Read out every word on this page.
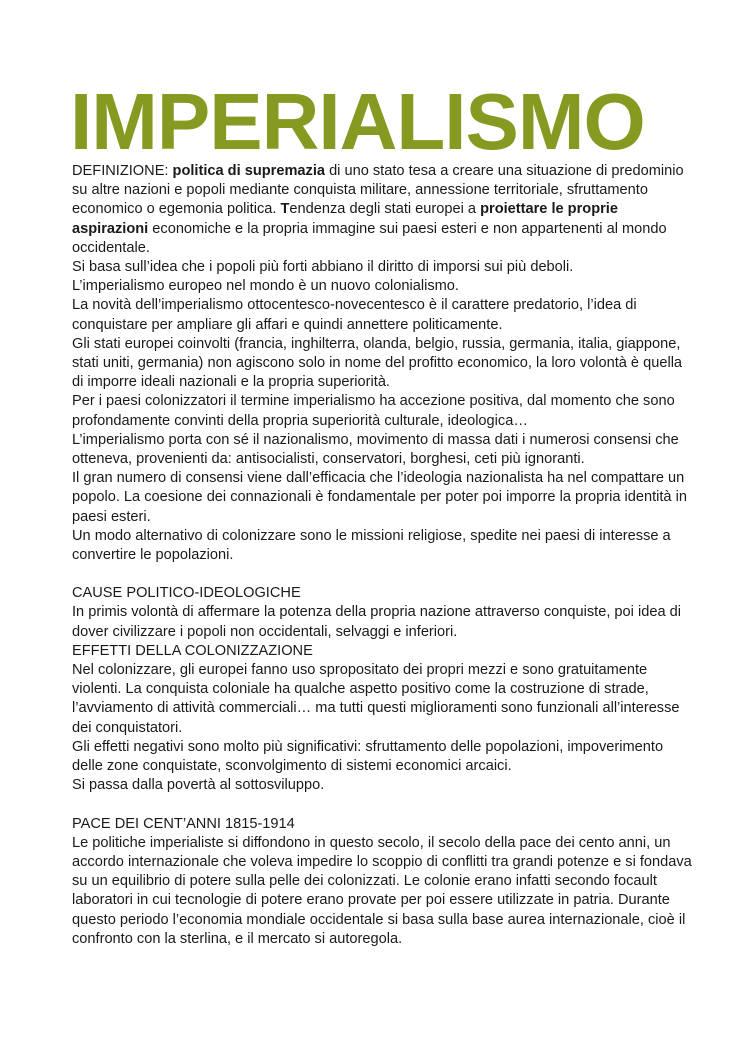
IMPERIALISMO

DEFINIZIONE: politica di supremazia di uno stato tesa a creare una situazione di predominio su altre nazioni e popoli mediante conquista militare, annessione territoriale, sfruttamento economico o egemonia politica. Tendenza degli stati europei a proiettare le proprie aspirazioni economiche e la propria immagine sui paesi esteri e non appartenenti al mondo occidentale.

Si basa sull’idea che i popoli più forti abbiano il diritto di imporsi sui più deboli.

L’imperialismo europeo nel mondo è un nuovo colonialismo.

La novità dell’imperialismo ottocentesco-novecentesco è il carattere predatorio, l’idea di conquistare per ampliare gli affari e quindi annettere politicamente.

Gli stati europei coinvolti (francia, inghilterra, olanda, belgio, russia, germania, italia, giappone, stati uniti, germania) non agiscono solo in nome del profitto economico, la loro volontà è quella di imporre ideali nazionali e la propria superiorità.

Per i paesi colonizzatori il termine imperialismo ha accezione positiva, dal momento che sono profondamente convinti della propria superiorità culturale, ideologica…

L’imperialismo porta con sé il nazionalismo, movimento di massa dati i numerosi consensi che otteneva, provenienti da: antisocialisti, conservatori, borghesi, ceti più ignoranti.

Il gran numero di consensi viene dall’efficacia che l’ideologia nazionalista ha nel compattare un popolo. La coesione dei connazionali è fondamentale per poter poi imporre la propria identità in paesi esteri.

Un modo alternativo di colonizzare sono le missioni religiose, spedite nei paesi di interesse a convertire le popolazioni.

CAUSE POLITICO-IDEOLOGICHE

In primis volontà di affermare la potenza della propria nazione attraverso conquiste, poi idea di dover civilizzare i popoli non occidentali, selvaggi e inferiori.

EFFETTI DELLA COLONIZZAZIONE

Nel colonizzare, gli europei fanno uso spropositato dei propri mezzi e sono gratuitamente violenti. La conquista coloniale ha qualche aspetto positivo come la costruzione di strade, l’avviamento di attività commerciali… ma tutti questi miglioramenti sono funzionali all’interesse dei conquistatori.

Gli effetti negativi sono molto più significativi: sfruttamento delle popolazioni, impoverimento delle zone conquistate, sconvolgimento di sistemi economici arcaici.

Si passa dalla povertà al sottosviluppo.

PACE DEI CENT’ANNI 1815-1914

Le politiche imperialiste si diffondono in questo secolo, il secolo della pace dei cento anni, un accordo internazionale che voleva impedire lo scoppio di conflitti tra grandi potenze e si fondava su un equilibrio di potere sulla pelle dei colonizzati. Le colonie erano infatti secondo focault laboratori in cui tecnologie di potere erano provate per poi essere utilizzate in patria. Durante questo periodo l’economia mondiale occidentale si basa sulla base aurea internazionale, cioè il confronto con la sterlina, e il mercato si autoregola.
